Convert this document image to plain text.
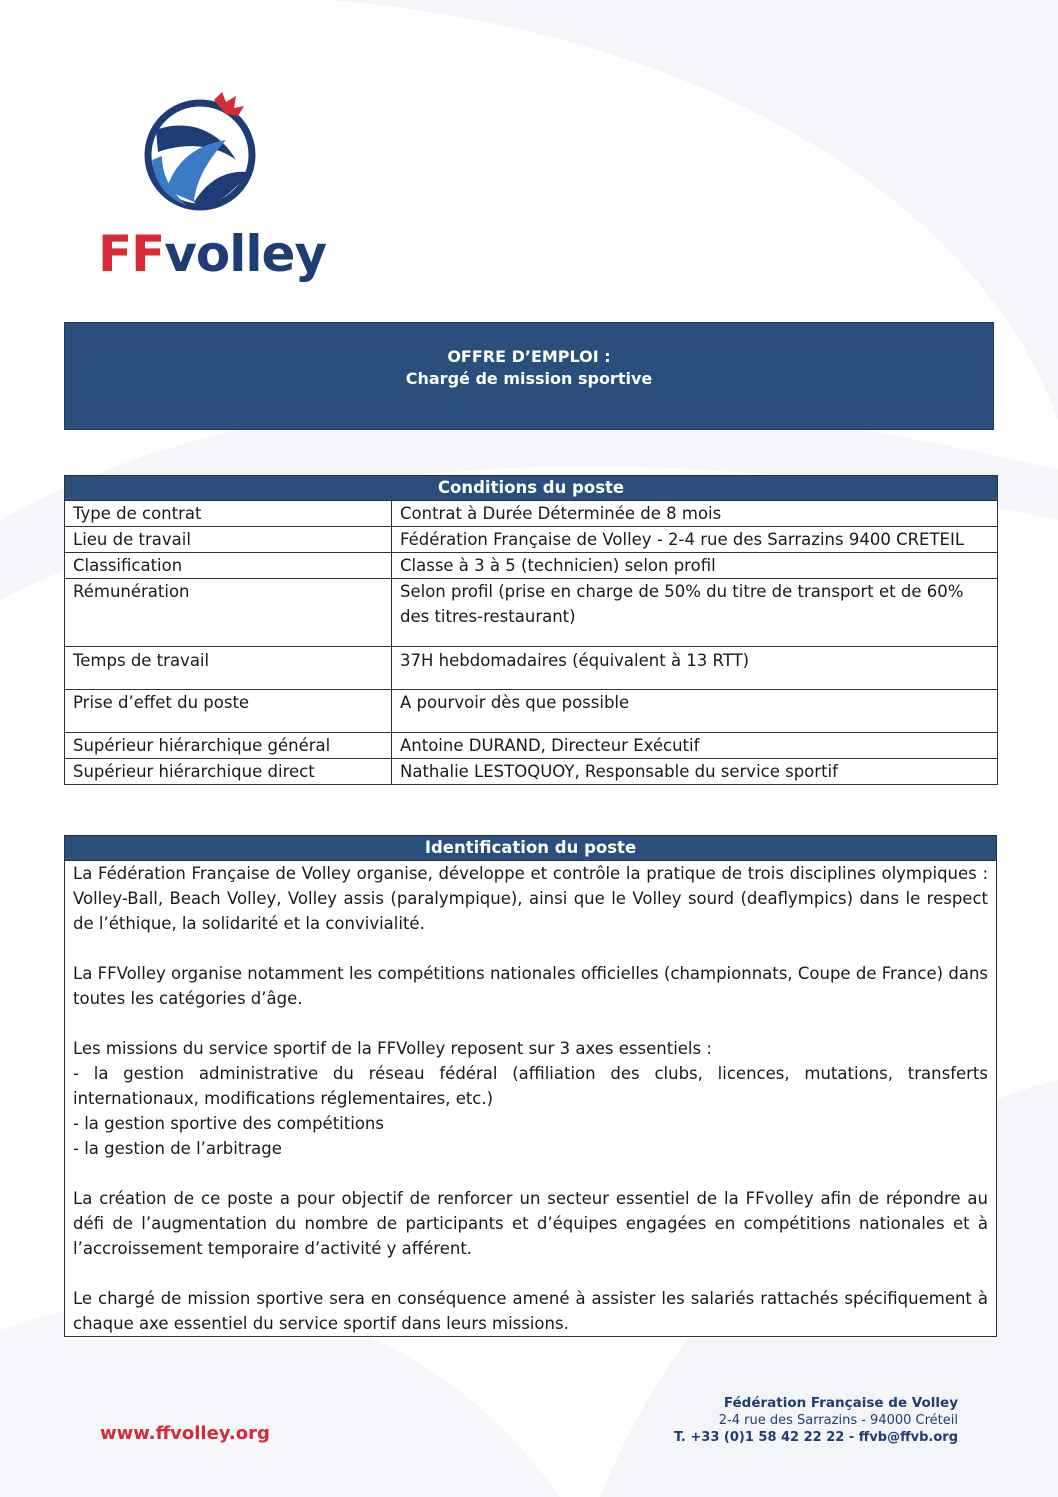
FFvolley
OFFRE D’EMPLOI :
Chargé de mission sportive
Conditions du poste	
Type de contrat	Contrat à Durée Déterminée de 8 mois
Lieu de travail	Fédération Française de Volley - 2-4 rue des Sarrazins 9400 CRETEIL
Classification	Classe à 3 à 5 (technicien) selon profil
Rémunération	Selon profil (prise en charge de 50% du titre de transport et de 60% des titres-restaurant)
Temps de travail	37H hebdomadaires (équivalent à 13 RTT)
Prise d’effet du poste	A pourvoir dès que possible
Supérieur hiérarchique général	Antoine DURAND, Directeur Exécutif
Supérieur hiérarchique direct	Nathalie LESTOQUOY, Responsable du service sportif
Identification du poste

La Fédération Française de Volley organise, développe et contrôle la pratique de trois disciplines olympiques : Volley-Ball, Beach Volley, Volley assis (paralympique), ainsi que le Volley sourd (deaflympics) dans le respect de l’éthique, la solidarité et la convivialité.

La FFVolley organise notamment les compétitions nationales officielles (championnats, Coupe de France) dans toutes les catégories d’âge.

Les missions du service sportif de la FFVolley reposent sur 3 axes essentiels :
- la gestion administrative du réseau fédéral (affiliation des clubs, licences, mutations, transferts internationaux, modifications réglementaires, etc.)
- la gestion sportive des compétitions
- la gestion de l’arbitrage

La création de ce poste a pour objectif de renforcer un secteur essentiel de la FFvolley afin de répondre au défi de l’augmentation du nombre de participants et d’équipes engagées en compétitions nationales et à l’accroissement temporaire d’activité y afférent.

Le chargé de mission sportive sera en conséquence amené à assister les salariés rattachés spécifiquement à chaque axe essentiel du service sportif dans leurs missions.

www.ffvolley.org
Fédération Française de Volley
2-4 rue des Sarrazins - 94000 Créteil
T. +33 (0)1 58 42 22 22 - ffvb@ffvb.org
